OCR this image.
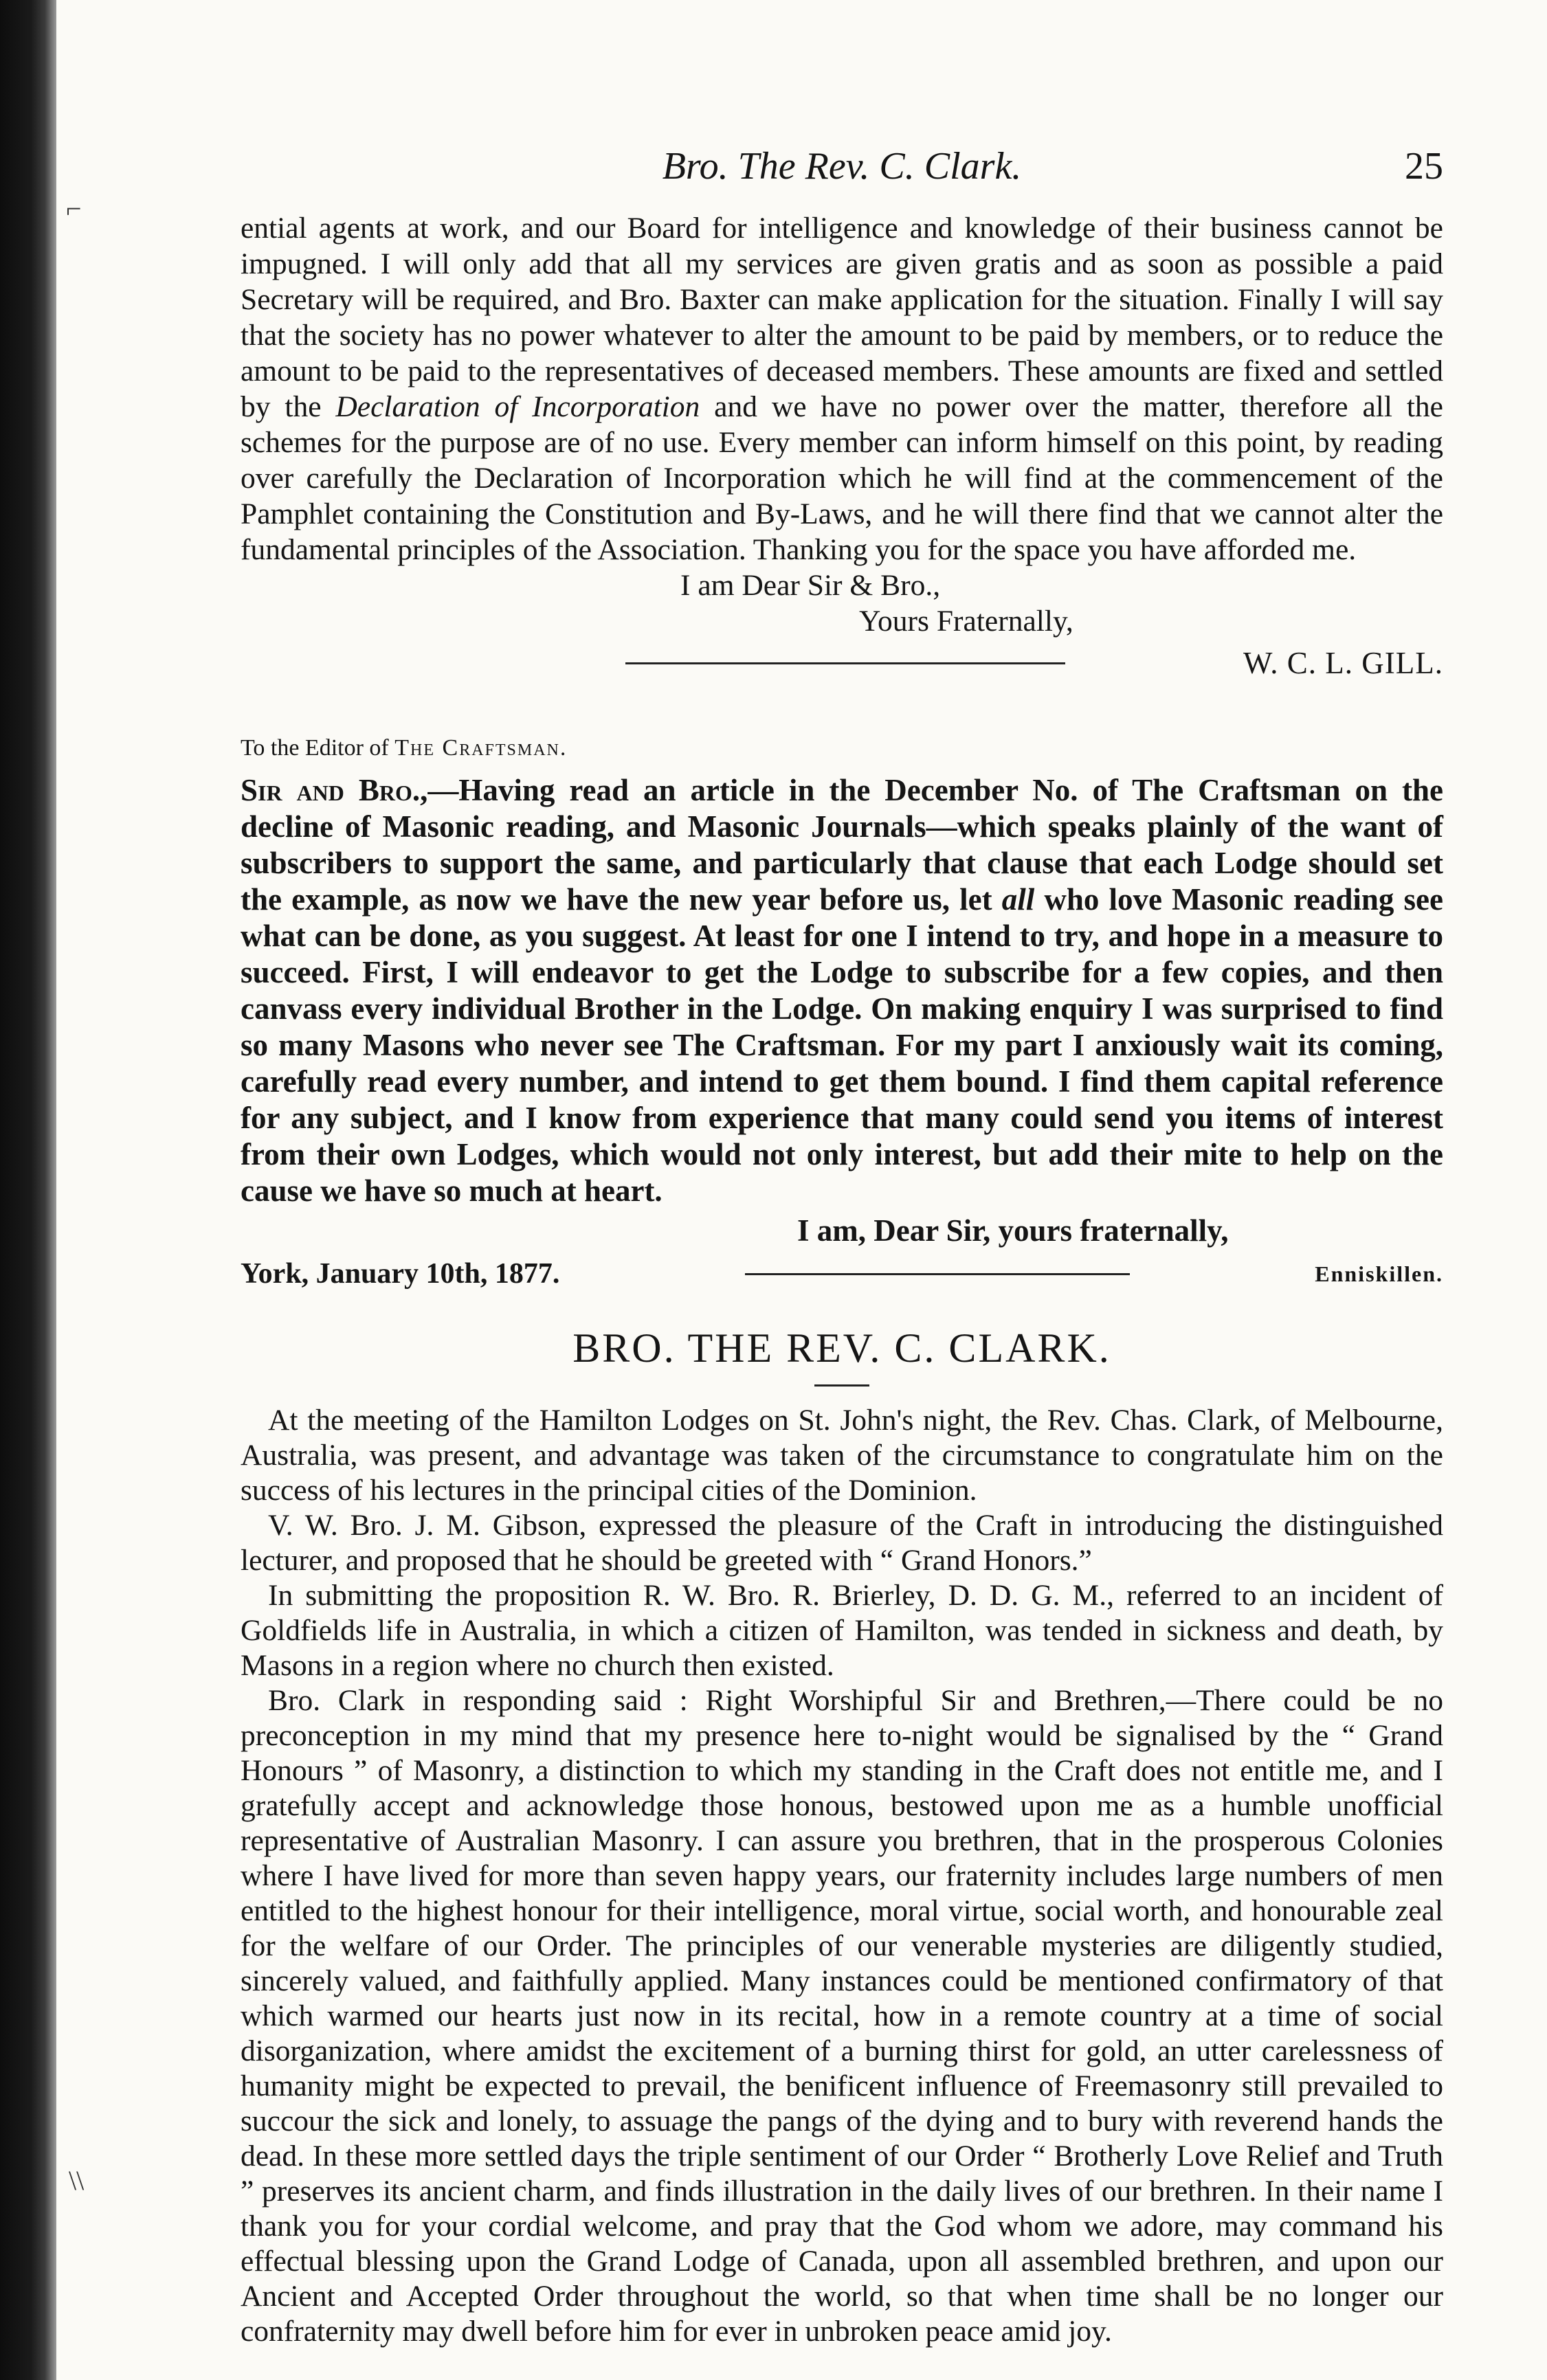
⌐
\\
Bro. The Rev. C. Clark.	25

ential agents at work, and our Board for intelligence and knowledge of their business cannot be impugned. I will only add that all my services are given gratis and as soon as possible a paid Secretary will be required, and Bro. Baxter can make application for the situation. Finally I will say that the society has no power whatever to alter the amount to be paid by members, or to reduce the amount to be paid to the representatives of deceased members. These amounts are fixed and settled by the Declaration of Incorporation and we have no power over the matter, therefore all the schemes for the purpose are of no use. Every member can inform himself on this point, by reading over carefully the Declaration of Incorporation which he will find at the commencement of the Pamphlet containing the Constitution and By-Laws, and he will there find that we cannot alter the fundamental principles of the Association. Thanking you for the space you have afforded me.

I am Dear Sir & Bro.,
Yours Fraternally,
W. C. L. GILL.
To the Editor of The Craftsman.

Sir and Bro.,—Having read an article in the December No. of The Craftsman on the decline of Masonic reading, and Masonic Journals—which speaks plainly of the want of subscribers to support the same, and particularly that clause that each Lodge should set the example, as now we have the new year before us, let all who love Masonic reading see what can be done, as you suggest. At least for one I intend to try, and hope in a measure to succeed. First, I will endeavor to get the Lodge to subscribe for a few copies, and then canvass every individual Brother in the Lodge. On making enquiry I was surprised to find so many Masons who never see The Craftsman. For my part I anxiously wait its coming, carefully read every number, and intend to get them bound. I find them capital reference for any subject, and I know from experience that many could send you items of interest from their own Lodges, which would not only interest, but add their mite to help on the cause we have so much at heart.

I am, Dear Sir, yours fraternally,
York, January 10th, 1877.	Enniskillen.
BRO. THE REV. C. CLARK.

At the meeting of the Hamilton Lodges on St. John's night, the Rev. Chas. Clark, of Melbourne, Australia, was present, and advantage was taken of the circumstance to congratulate him on the success of his lectures in the principal cities of the Dominion.

V. W. Bro. J. M. Gibson, expressed the pleasure of the Craft in introducing the distinguished lecturer, and proposed that he should be greeted with “ Grand Honors.”

In submitting the proposition R. W. Bro. R. Brierley, D. D. G. M., referred to an incident of Goldfields life in Australia, in which a citizen of Hamilton, was tended in sickness and death, by Masons in a region where no church then existed.

Bro. Clark in responding said : Right Worshipful Sir and Brethren,—There could be no preconception in my mind that my presence here to-night would be signalised by the “ Grand Honours ” of Masonry, a distinction to which my standing in the Craft does not entitle me, and I gratefully accept and acknowledge those honous, bestowed upon me as a humble unofficial representative of Australian Masonry. I can assure you brethren, that in the prosperous Colonies where I have lived for more than seven happy years, our fraternity includes large numbers of men entitled to the highest honour for their intelligence, moral virtue, social worth, and honourable zeal for the welfare of our Order. The principles of our venerable mysteries are diligently studied, sincerely valued, and faithfully applied. Many instances could be mentioned confirmatory of that which warmed our hearts just now in its recital, how in a remote country at a time of social disorganization, where amidst the excitement of a burning thirst for gold, an utter carelessness of humanity might be expected to prevail, the benificent influence of Freemasonry still prevailed to succour the sick and lonely, to assuage the pangs of the dying and to bury with reverend hands the dead. In these more settled days the triple sentiment of our Order “ Brotherly Love Relief and Truth ” preserves its ancient charm, and finds illustration in the daily lives of our brethren. In their name I thank you for your cordial welcome, and pray that the God whom we adore, may command his effectual blessing upon the Grand Lodge of Canada, upon all assembled brethren, and upon our Ancient and Accepted Order throughout the world, so that when time shall be no longer our confraternity may dwell before him for ever in unbroken peace amid joy.
